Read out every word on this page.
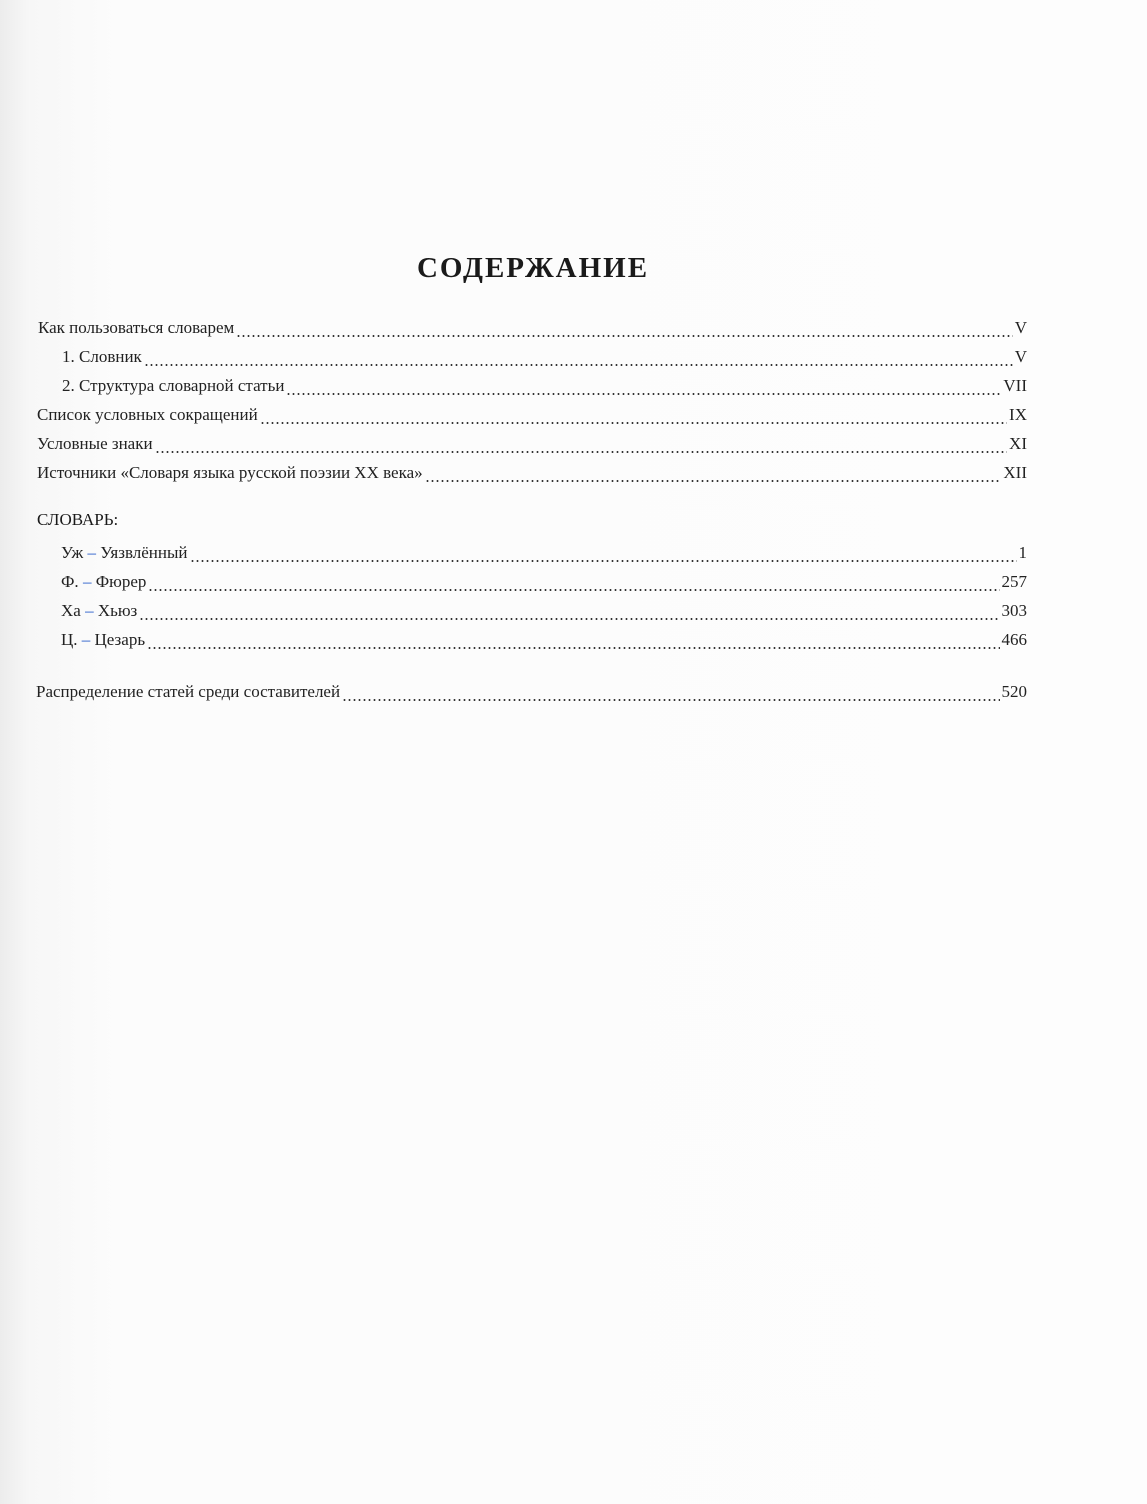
СОДЕРЖАНИЕ
Как пользоваться словарем	V
1. Словник	V
2. Структура словарной статьи	VII
Список условных сокращений	IX
Условные знаки	XI
Источники «Словаря языка русской поэзии XX века»	XII
СЛОВАРЬ:
Уж – Уязвлённый	1
Ф. – Фюрер	257
Ха – Хьюз	303
Ц. – Цезарь	466
Распределение статей среди составителей	520
